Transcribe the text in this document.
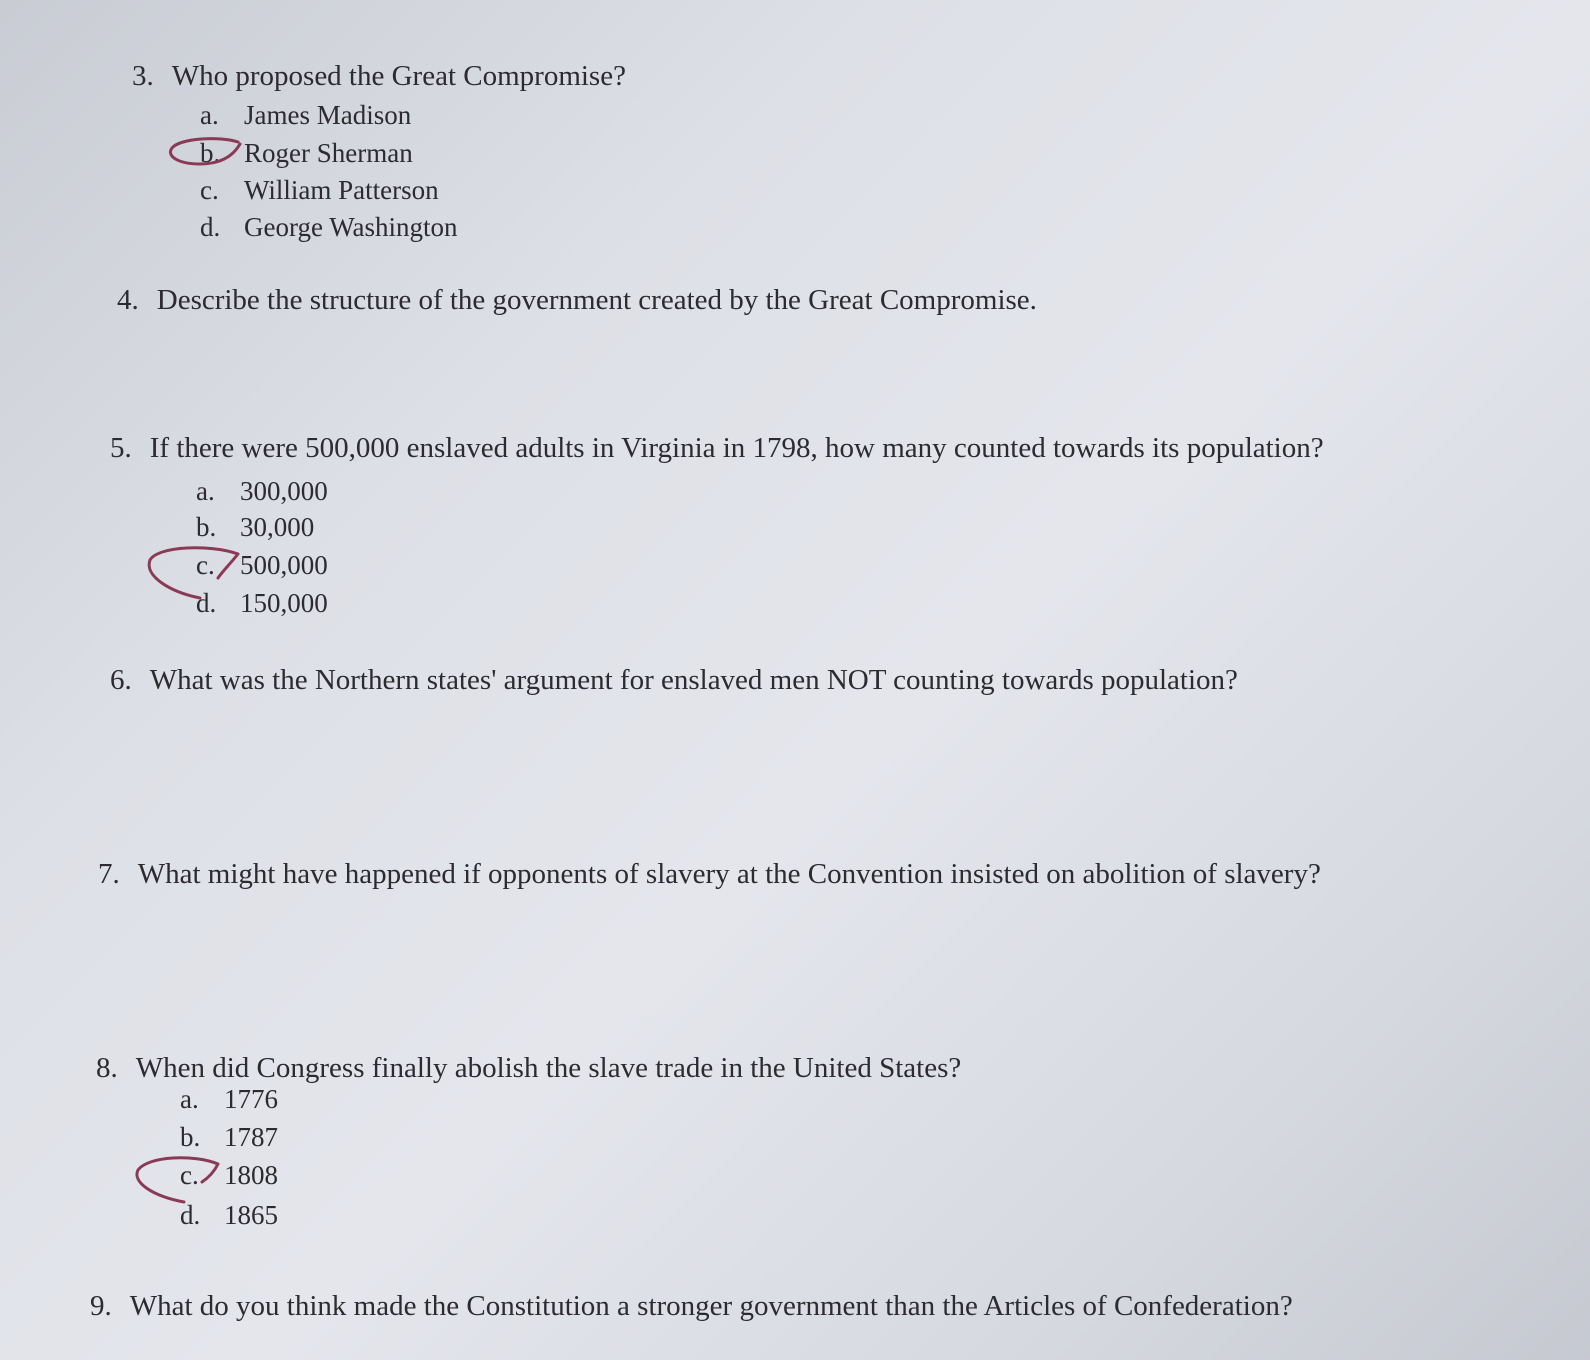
3. Who proposed the Great Compromise?
a. James Madison
b. Roger Sherman
c. William Patterson
d. George Washington
4. Describe the structure of the government created by the Great Compromise.
5. If there were 500,000 enslaved adults in Virginia in 1798, how many counted towards its population?
a. 300,000
b. 30,000
c. 500,000
d. 150,000
6. What was the Northern states' argument for enslaved men NOT counting towards population?
7. What might have happened if opponents of slavery at the Convention insisted on abolition of slavery?
8. When did Congress finally abolish the slave trade in the United States?
a. 1776
b. 1787
c. 1808
d. 1865
9. What do you think made the Constitution a stronger government than the Articles of Confederation?
